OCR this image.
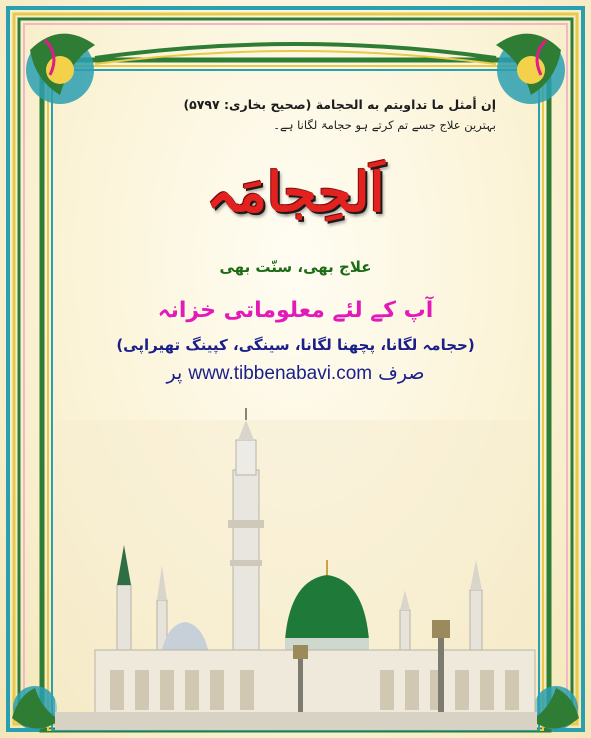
إن أمثل ما تداويتم به الحجامة (صحيح بخاری: ۵۷۹۷)
بہترین علاج جسے تم کرتے ہو حجامۃ لگانا ہے۔
اَلحِجامَہ
علاج بھی، سنّت بھی
آپ کے لئے معلوماتی خزانہ
(حجامہ لگانا، پچھنا لگانا، سینگی، کپینگ تھیراپی)
صرف www.tibbenabavi.com پر
